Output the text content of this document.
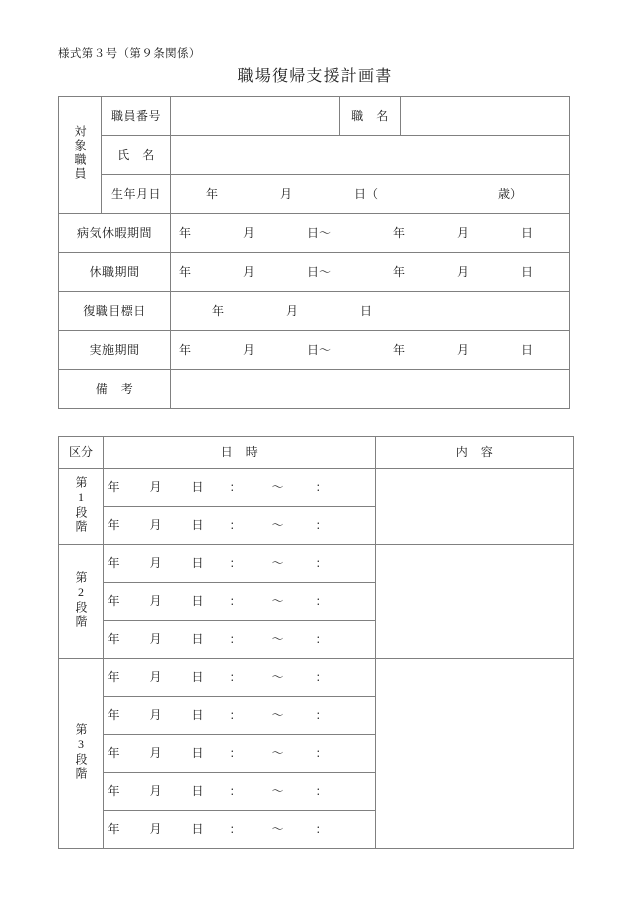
様式第３号（第９条関係）
職場復帰支援計画書
対象職員	職員番号		職　名	
	氏　名			
	生年月日	年 月 日（ 歳）		
病気休暇期間		年 月 日～ 年 月 日		
休職期間		年 月 日～ 年 月 日		
復職目標日		年 月 日		
実施期間		年 月 日～ 年 月 日		
備　考				
区分	日　時	内　容
第1段階	年 月 日 ： ～ ：	
	年 月 日 ： ～ ：	
第2段階	年 月 日 ： ～ ：	
	年 月 日 ： ～ ：	
	年 月 日 ： ～ ：	
第3段階	年 月 日 ： ～ ：	
	年 月 日 ： ～ ：	
	年 月 日 ： ～ ：	
	年 月 日 ： ～ ：	
	年 月 日 ： ～ ：	
